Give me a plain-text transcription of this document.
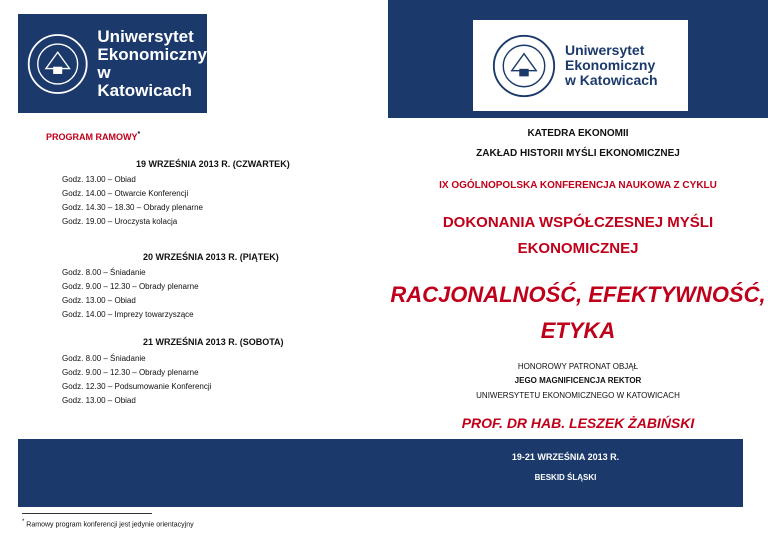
Uniwersytet
Ekonomiczny
w Katowicach
Uniwersytet
Ekonomiczny
w Katowicach
PROGRAM RAMOWY*
19 WRZEŚNIA 2013 R. (CZWARTEK)
Godz. 13.00 – Obiad
Godz. 14.00 – Otwarcie Konferencji
Godz. 14.30 – 18.30 – Obrady plenarne
Godz. 19.00 – Uroczysta kolacja
20 WRZEŚNIA 2013 R. (PIĄTEK)
Godz. 8.00 – Śniadanie
Godz. 9.00 – 12.30 – Obrady plenarne
Godz. 13.00 – Obiad
Godz. 14.00 – Imprezy towarzyszące
21 WRZEŚNIA 2013 R. (SOBOTA)
Godz. 8.00 – Śniadanie
Godz. 9.00 – 12.30 – Obrady plenarne
Godz. 12.30 – Podsumowanie Konferencji
Godz. 13.00 – Obiad
KATEDRA EKONOMII
ZAKŁAD HISTORII MYŚLI EKONOMICZNEJ
IX OGÓLNOPOLSKA KONFERENCJA NAUKOWA Z CYKLU
DOKONANIA WSPÓŁCZESNEJ MYŚLI
EKONOMICZNEJ
RACJONALNOŚĆ, EFEKTYWNOŚĆ,
ETYKA
HONOROWY PATRONAT OBJĄŁ
JEGO MAGNIFICENCJA REKTOR
UNIWERSYTETU EKONOMICZNEGO W KATOWICACH
PROF. DR HAB. LESZEK ŻABIŃSKI
19-21 WRZEŚNIA 2013 R.
BESKID ŚLĄSKI
* Ramowy program konferencji jest jedynie orientacyjny
